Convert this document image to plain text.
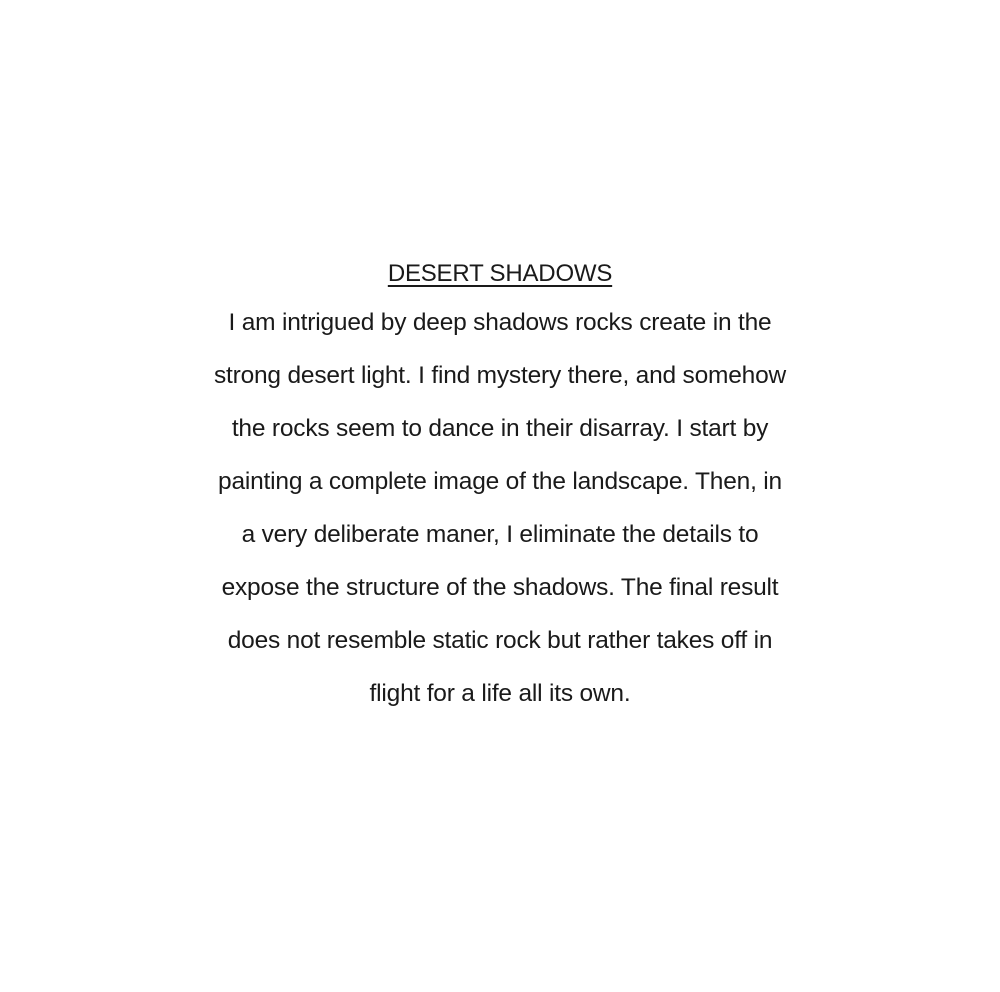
DESERT SHADOWS
I am intrigued by deep shadows rocks create in the
strong desert light. I find mystery there, and somehow
the rocks seem to dance in their disarray. I start by
painting a complete image of the landscape. Then, in
a very deliberate maner, I eliminate the details to
expose the structure of the shadows. The final result
does not resemble static rock but rather takes off in
flight for a life all its own.
